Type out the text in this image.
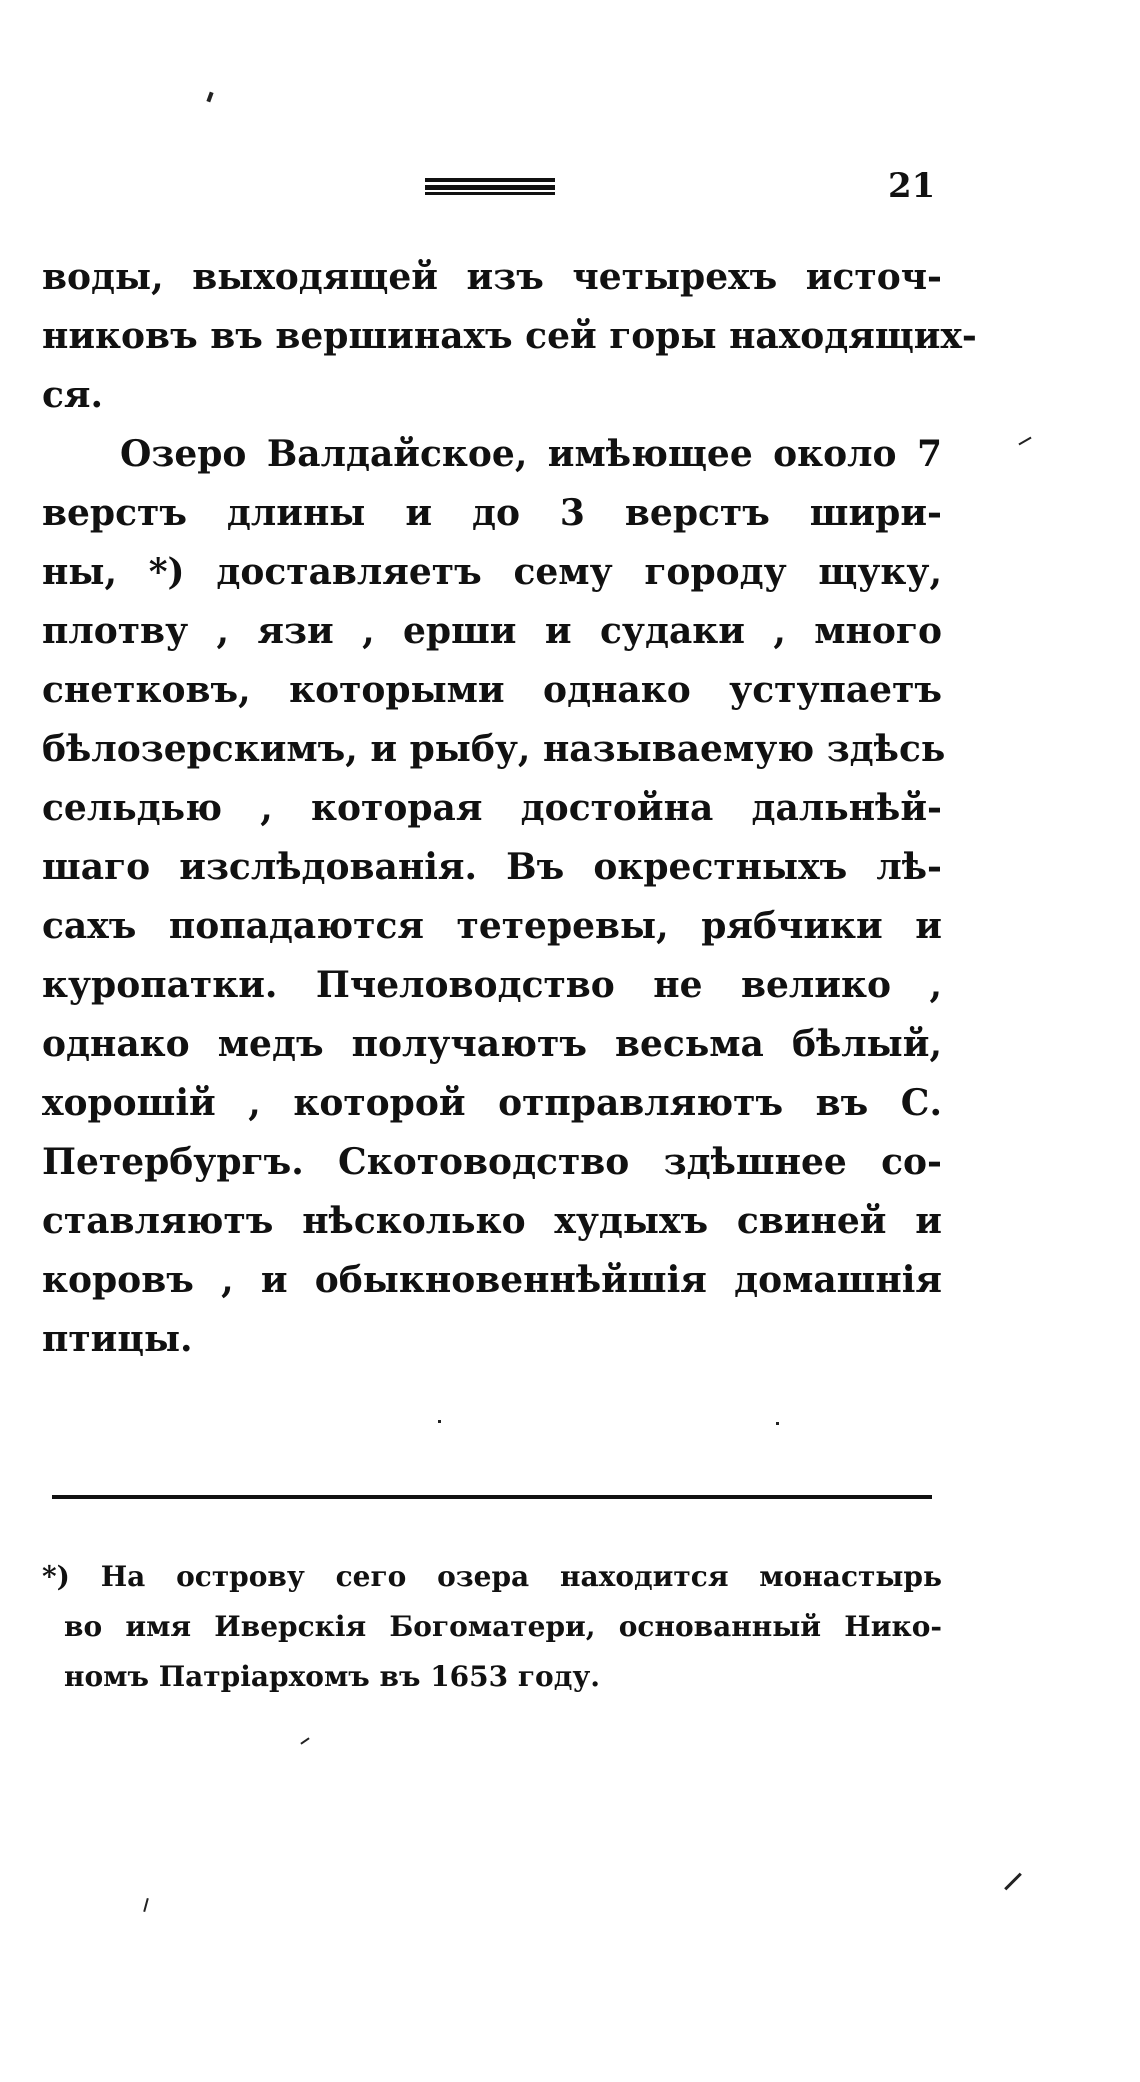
21
воды, выходящей изъ четырехъ источ-
никовъ въ вершинахъ сей горы находящих-
ся.
Озеро Валдайское, имѣющее около 7
верстъ длины и до 3 верстъ шири-
ны, *) доставляетъ сему городу щуку,
плотву , язи , ерши и судаки , много
снетковъ, которыми однако уступаетъ
бѣлозерскимъ, и рыбу, называемую здѣсь
сельдью , которая достойна дальнѣй-
шаго изслѣдованія. Въ окрестныхъ лѣ-
сахъ попадаются тетеревы, рябчики и
куропатки. Пчеловодство не велико ,
однако медъ получаютъ весьма бѣлый,
хорошій , которой отправляютъ въ С.
Петербургъ. Скотоводство здѣшнее со-
ставляютъ нѣсколько худыхъ свиней и
коровъ , и обыкновеннѣйшія домашнія
птицы.
*) На острову сего озера находится монастырь
во имя Иверскія Богоматери, основанный Нико-
номъ Патріархомъ въ 1653 году.
